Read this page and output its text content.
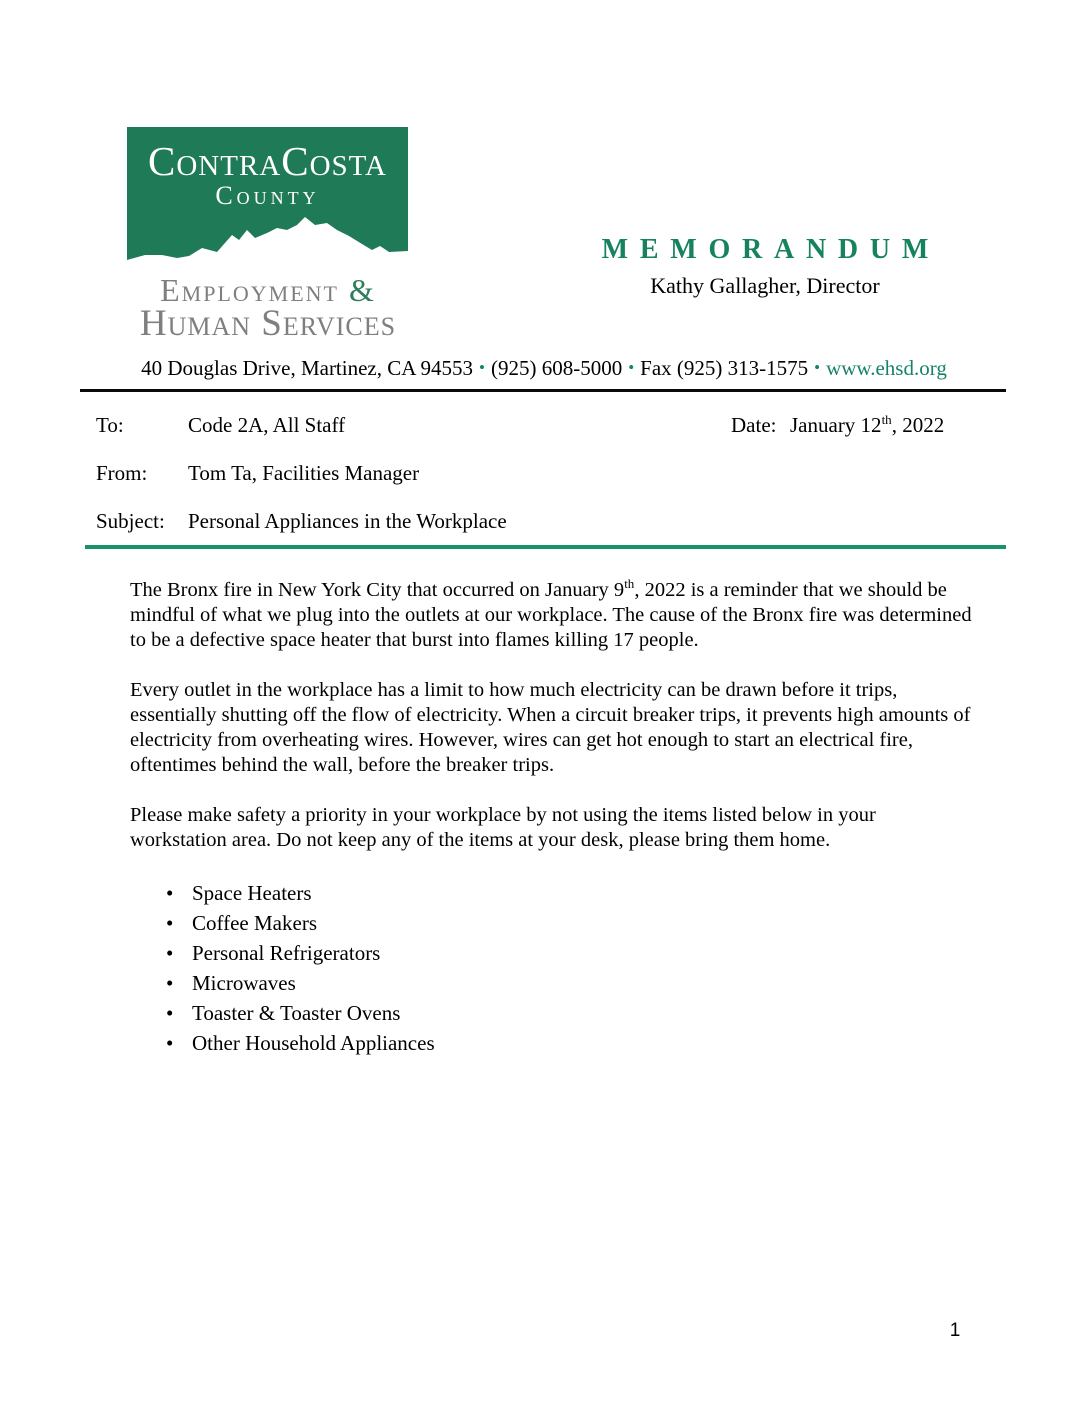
ContraCosta
County
Employment &
Human Services
MEMORANDUM
Kathy Gallagher, Director
40 Douglas Drive, Martinez, CA 94553 • (925) 608-5000 • Fax (925) 313-1575 • www.ehsd.org
To:	Code 2A, All Staff	Date: January 12th, 2022
From: Tom Ta, Facilities Manager
Subject: Personal Appliances in the Workplace

The Bronx fire in New York City that occurred on January 9th, 2022 is a reminder that we should be mindful of what we plug into the outlets at our workplace. The cause of the Bronx fire was determined to be a defective space heater that burst into flames killing 17 people.

Every outlet in the workplace has a limit to how much electricity can be drawn before it trips, essentially shutting off the flow of electricity. When a circuit breaker trips, it prevents high amounts of electricity from overheating wires. However, wires can get hot enough to start an electrical fire, oftentimes behind the wall, before the breaker trips.

Please make safety a priority in your workplace by not using the items listed below in your workstation area. Do not keep any of the items at your desk, please bring them home.

• Space Heaters
• Coffee Makers
• Personal Refrigerators
• Microwaves
• Toaster & Toaster Ovens
• Other Household Appliances
1
